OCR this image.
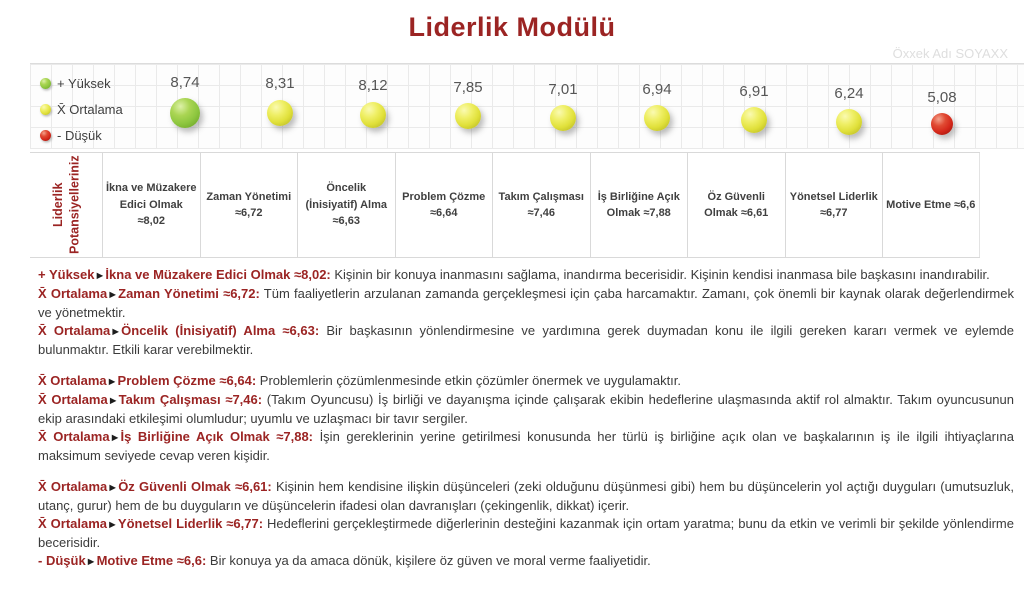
Liderlik Modülü
Öxxek Adı SOYAXX
+ Yüksek
X̄ Ortalama
- Düşük
8,74	8,31	8,12	7,85	7,01	6,94	6,91	6,24	5,08
Liderlik Potansiyelleriniz	İkna ve Müzakere Edici Olmak ≈8,02
Zaman Yönetimi ≈6,72
Öncelik (İnisiyatif) Alma ≈6,63
Problem Çözme ≈6,64
Takım Çalışması ≈7,46
İş Birliğine Açık Olmak ≈7,88
Öz Güvenli Olmak ≈6,61
Yönetsel Liderlik ≈6,77
Motive Etme ≈6,6

+ Yüksek►İkna ve Müzakere Edici Olmak ≈8,02: Kişinin bir konuya inanmasını sağlama, inandırma becerisidir. Kişinin kendisi inanmasa bile başkasını inandırabilir.

X̄ Ortalama►Zaman Yönetimi ≈6,72: Tüm faaliyetlerin arzulanan zamanda gerçekleşmesi için çaba harcamaktır. Zamanı, çok önemli bir kaynak olarak değerlendirmek ve yönetmektir.

X̄ Ortalama►Öncelik (İnisiyatif) Alma ≈6,63: Bir başkasının yönlendirmesine ve yardımına gerek duymadan konu ile ilgili gereken kararı vermek ve eylemde bulunmaktır. Etkili karar verebilmektir.

X̄ Ortalama►Problem Çözme ≈6,64: Problemlerin çözümlenmesinde etkin çözümler önermek ve uygulamaktır.

X̄ Ortalama►Takım Çalışması ≈7,46: (Takım Oyuncusu) İş birliği ve dayanışma içinde çalışarak ekibin hedeflerine ulaşmasında aktif rol almaktır. Takım oyuncusunun ekip arasındaki etkileşimi olumludur; uyumlu ve uzlaşmacı bir tavır sergiler.

X̄ Ortalama►İş Birliğine Açık Olmak ≈7,88: İşin gereklerinin yerine getirilmesi konusunda her türlü iş birliğine açık olan ve başkalarının iş ile ilgili ihtiyaçlarına maksimum seviyede cevap veren kişidir.

X̄ Ortalama►Öz Güvenli Olmak ≈6,61: Kişinin hem kendisine ilişkin düşünceleri (zeki olduğunu düşünmesi gibi) hem bu düşüncelerin yol açtığı duyguları (umutsuzluk, utanç, gurur) hem de bu duyguların ve düşüncelerin ifadesi olan davranışları (çekingenlik, dikkat) içerir.

X̄ Ortalama►Yönetsel Liderlik ≈6,77: Hedeflerini gerçekleştirmede diğerlerinin desteğini kazanmak için ortam yaratma; bunu da etkin ve verimli bir şekilde yönlendirme becerisidir.

- Düşük►Motive Etme ≈6,6: Bir konuya ya da amaca dönük, kişilere öz güven ve moral verme faaliyetidir.
